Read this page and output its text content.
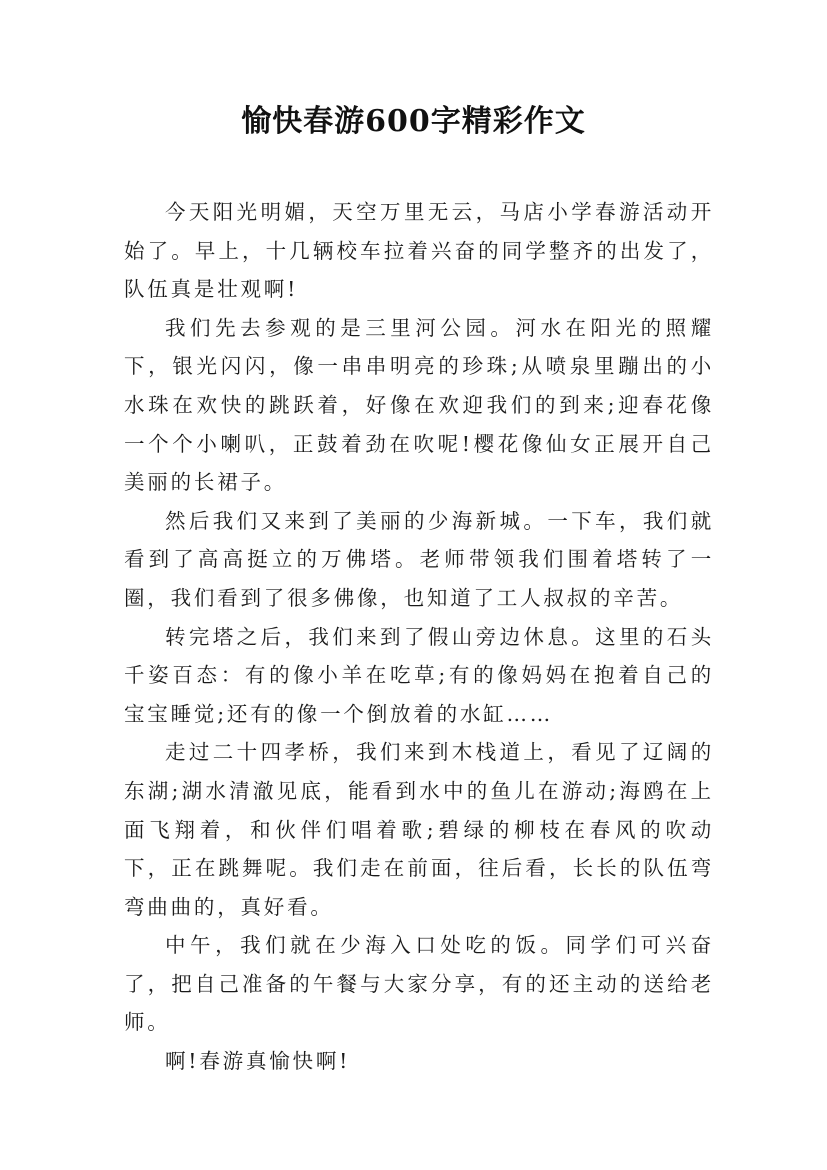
愉快春游600字精彩作文

今天阳光明媚，天空万里无云，马店小学春游活动开始了。早上，十几辆校车拉着兴奋的同学整齐的出发了，队伍真是壮观啊!

我们先去参观的是三里河公园。河水在阳光的照耀下，银光闪闪，像一串串明亮的珍珠;从喷泉里蹦出的小水珠在欢快的跳跃着，好像在欢迎我们的到来;迎春花像一个个小喇叭，正鼓着劲在吹呢!樱花像仙女正展开自己美丽的长裙子。

然后我们又来到了美丽的少海新城。一下车，我们就看到了高高挺立的万佛塔。老师带领我们围着塔转了一圈，我们看到了很多佛像，也知道了工人叔叔的辛苦。

转完塔之后，我们来到了假山旁边休息。这里的石头千姿百态：有的像小羊在吃草;有的像妈妈在抱着自己的宝宝睡觉;还有的像一个倒放着的水缸……

走过二十四孝桥，我们来到木栈道上，看见了辽阔的东湖;湖水清澈见底，能看到水中的鱼儿在游动;海鸥在上面飞翔着，和伙伴们唱着歌;碧绿的柳枝在春风的吹动下，正在跳舞呢。我们走在前面，往后看，长长的队伍弯弯曲曲的，真好看。

中午，我们就在少海入口处吃的饭。同学们可兴奋了，把自己准备的午餐与大家分享，有的还主动的送给老师。

啊!春游真愉快啊!
